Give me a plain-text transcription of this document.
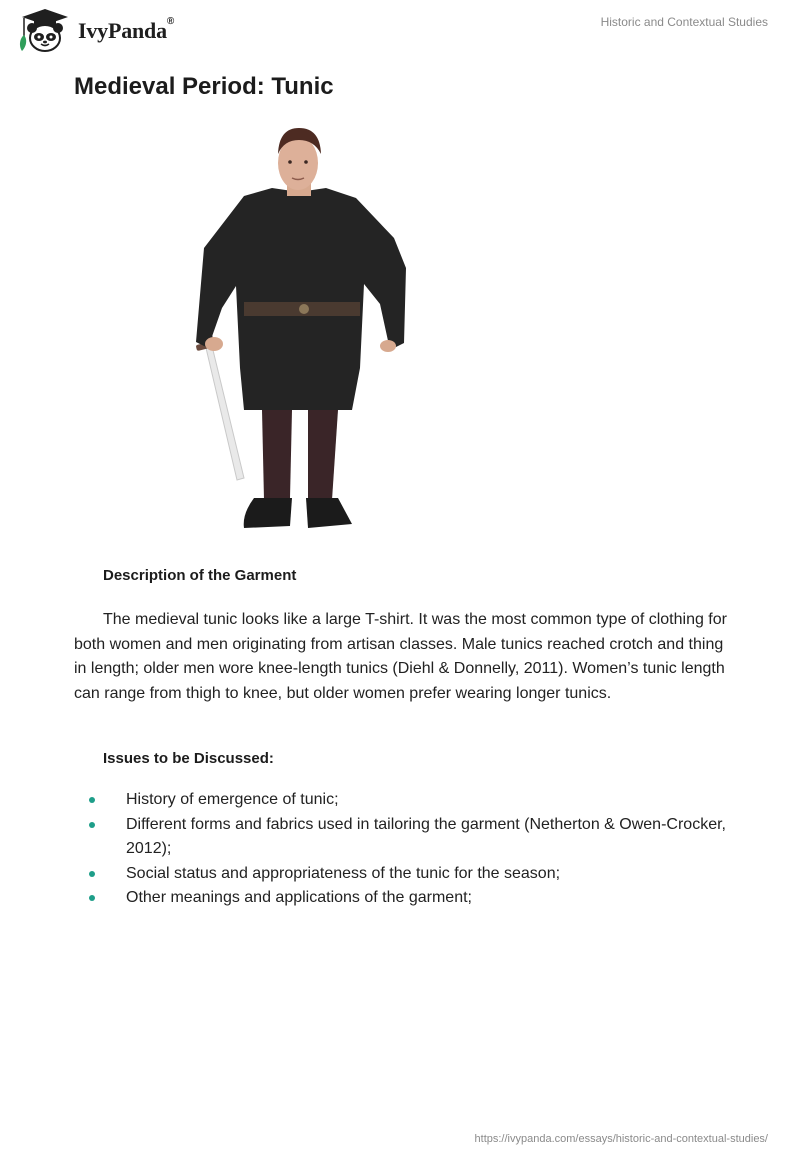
IvyPanda®	Historic and Contextual Studies
Medieval Period: Tunic
Description of the Garment

The medieval tunic looks like a large T-shirt. It was the most common type of clothing for both women and men originating from artisan classes. Male tunics reached crotch and thing in length; older men wore knee-length tunics (Diehl & Donnelly, 2011). Women’s tunic length can range from thigh to knee, but older women prefer wearing longer tunics.

Issues to be Discussed:
History of emergence of tunic;
Different forms and fabrics used in tailoring the garment (Netherton & Owen-Crocker, 2012);
Social status and appropriateness of the tunic for the season;
Other meanings and applications of the garment;
https://ivypanda.com/essays/historic-and-contextual-studies/
